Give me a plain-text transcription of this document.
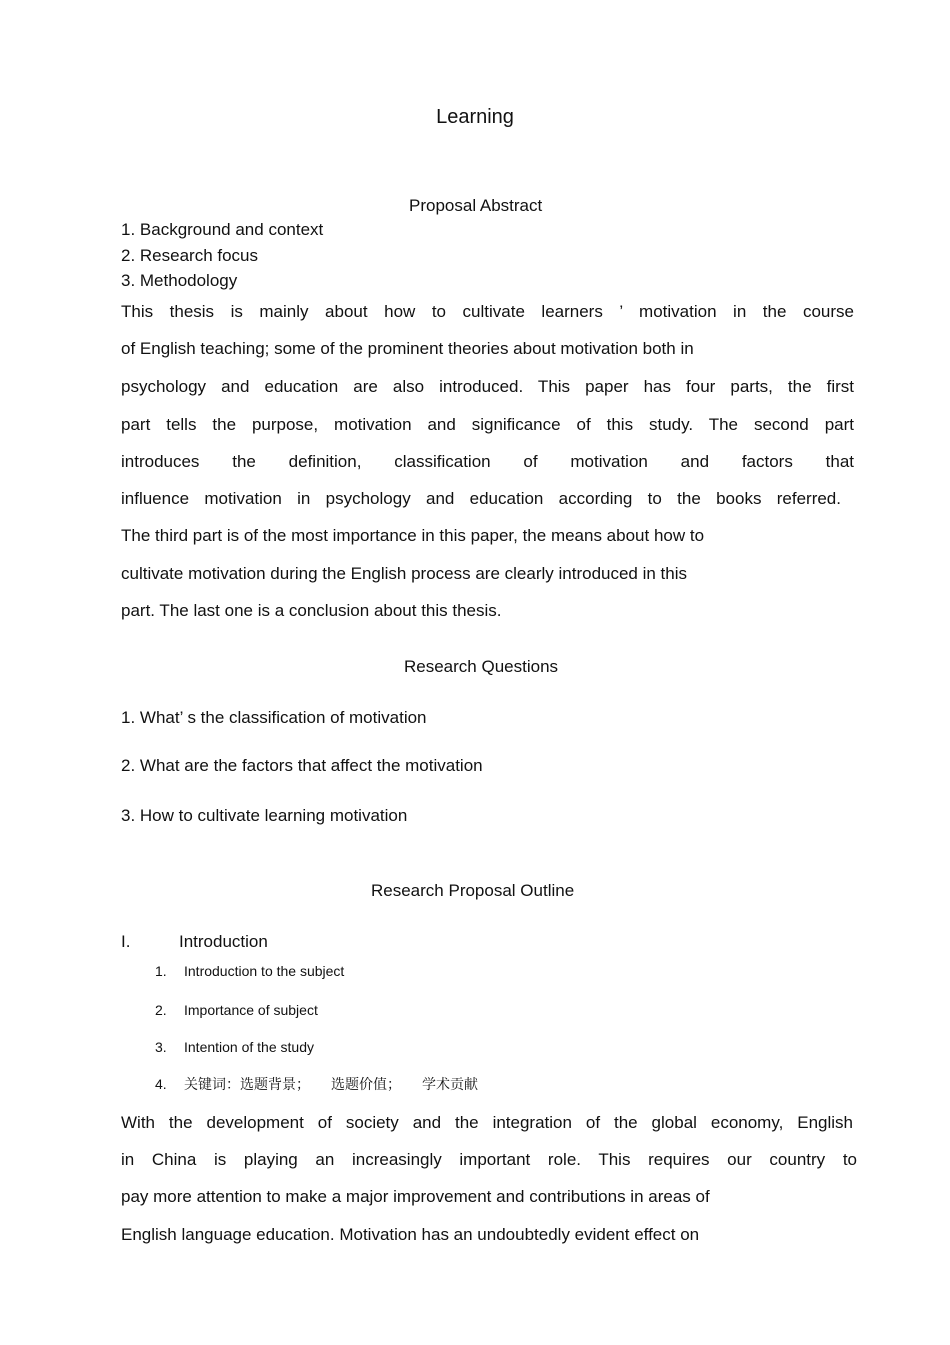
Learning
Proposal Abstract
1. Background and context
2. Research focus
3. Methodology
This thesis is mainly about how to cultivate learners ’ motivation in the course
of English teaching; some of the prominent theories about motivation both in
psychology and education are also introduced. This paper has four parts, the first
part tells the purpose, motivation and significance of this study. The second part
introduces the definition, classification of motivation and factors that
influence motivation in psychology and education according to the books referred.
The third part is of the most importance in this paper, the means about how to
cultivate motivation during the English process are clearly introduced in this
part. The last one is a conclusion about this thesis.
Research Questions
1. What’ s the classification of motivation
2. What are the factors that affect the motivation
3. How to cultivate learning motivation
Research Proposal Outline
I.	Introduction
1. Introduction to the subject
2. Importance of subject
3. Intention of the study
4. 关键词：选题背景；　　选题价值；　　学术贡献
With the development of society and the integration of the global economy, English
in China is playing an increasingly important role. This requires our country to
pay more attention to make a major improvement and contributions in areas of
English language education. Motivation has an undoubtedly evident effect on
